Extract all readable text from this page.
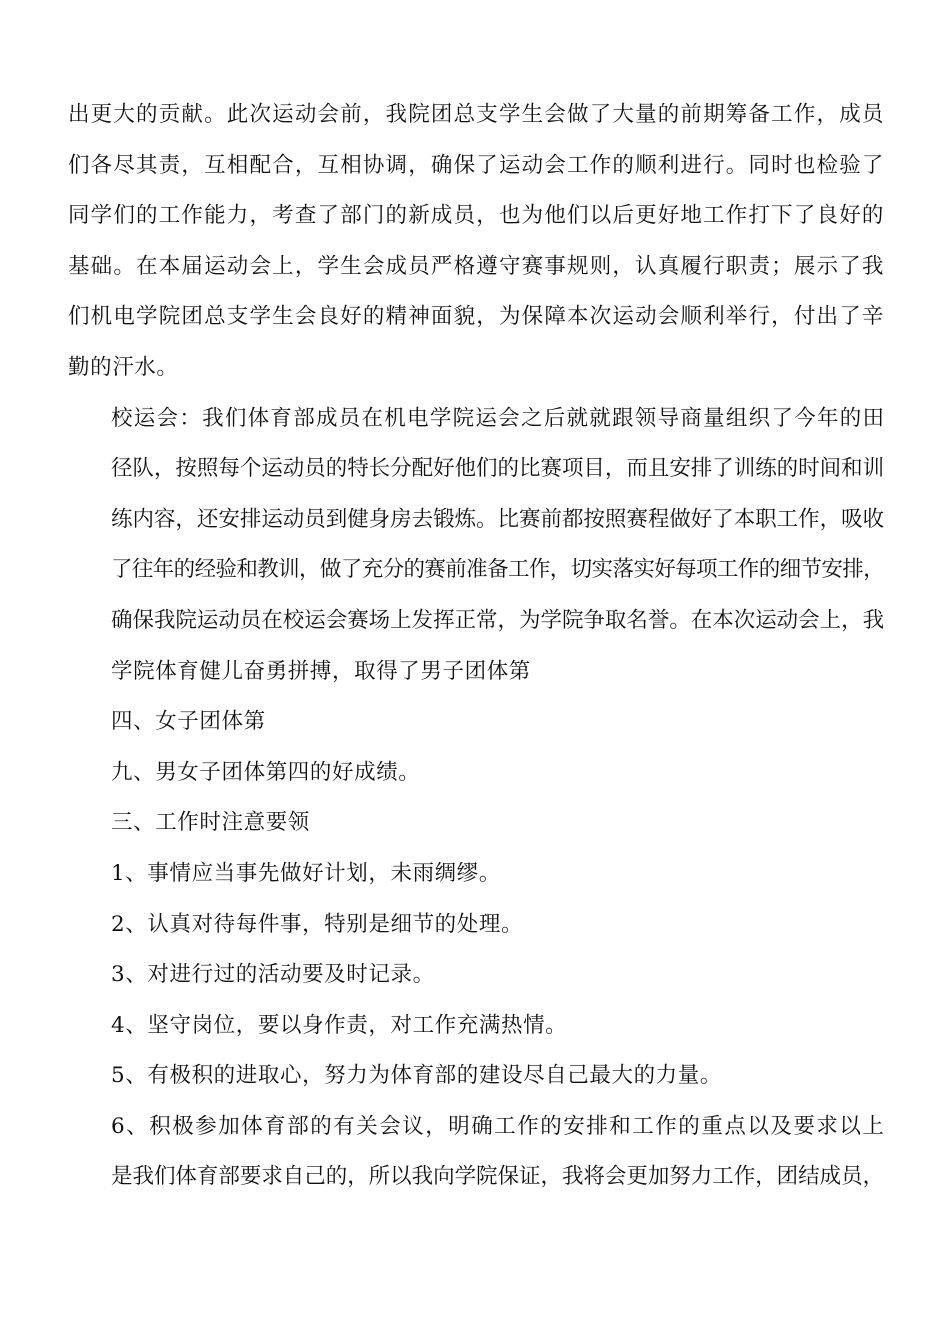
出更大的贡献。此次运动会前，我院团总支学生会做了大量的前期筹备工作，成员
们各尽其责，互相配合，互相协调，确保了运动会工作的顺利进行。同时也检验了
同学们的工作能力，考查了部门的新成员，也为他们以后更好地工作打下了良好的
基础。在本届运动会上，学生会成员严格遵守赛事规则，认真履行职责；展示了我
们机电学院团总支学生会良好的精神面貌，为保障本次运动会顺利举行，付出了辛
勤的汗水。
校运会：我们体育部成员在机电学院运会之后就就跟领导商量组织了今年的田
径队，按照每个运动员的特长分配好他们的比赛项目，而且安排了训练的时间和训
练内容，还安排运动员到健身房去锻炼。比赛前都按照赛程做好了本职工作，吸收
了往年的经验和教训，做了充分的赛前准备工作，切实落实好每项工作的细节安排，
确保我院运动员在校运会赛场上发挥正常，为学院争取名誉。在本次运动会上，我
学院体育健儿奋勇拼搏，取得了男子团体第
四、女子团体第
九、男女子团体第四的好成绩。
三、工作时注意要领
1、事情应当事先做好计划，未雨绸缪。
2、认真对待每件事，特别是细节的处理。
3、对进行过的活动要及时记录。
4、坚守岗位，要以身作责，对工作充满热情。
5、有极积的进取心，努力为体育部的建设尽自己最大的力量。
6、积极参加体育部的有关会议，明确工作的安排和工作的重点以及要求以上
是我们体育部要求自己的，所以我向学院保证，我将会更加努力工作，团结成员，
